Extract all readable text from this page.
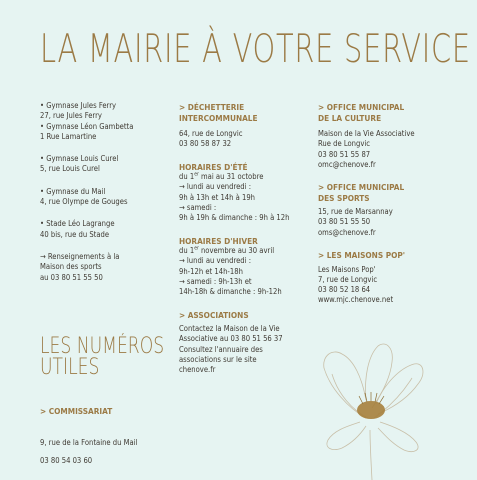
LA MAIRIE À VOTRE SERVICE

• Gymnase Jules Ferry

27, rue Jules Ferry

• Gymnase Léon Gambetta

1 Rue Lamartine

• Gymnase Louis Curel

5, rue Louis Curel

• Gymnase du Mail

4, rue Olympe de Gouges

• Stade Léo Lagrange

40 bis, rue du Stade

→ Renseignements à la

Maison des sports

au 03 80 51 55 50

LES NUMÉROS
UTILES

> COMMISSARIAT

9, rue de la Fontaine du Mail

03 80 54 03 60

> DÉCHETTERIE

INTERCOMMUNALE

64, rue de Longvic

03 80 58 87 32

HORAIRES D'ÉTÉ

du 1er mai au 31 octobre

→ lundi au vendredi :

9h à 13h et 14h à 19h

→ samedi :

9h à 19h & dimanche : 9h à 12h

HORAIRES D'HIVER

du 1er novembre au 30 avril

→ lundi au vendredi :

9h-12h et 14h-18h

→ samedi : 9h-13h et

14h-18h & dimanche : 9h-12h

> ASSOCIATIONS

Contactez la Maison de la Vie

Associative au 03 80 51 56 37

Consultez l'annuaire des

associations sur le site

chenove.fr

> OFFICE MUNICIPAL

DE LA CULTURE

Maison de la Vie Associative

Rue de Longvic

03 80 51 55 87

omc@chenove.fr

> OFFICE MUNICIPAL

DES SPORTS

15, rue de Marsannay

03 80 51 55 50

oms@chenove.fr

> LES MAISONS POP'

Les Maisons Pop'

7, rue de Longvic

03 80 52 18 64

www.mjc.chenove.net
